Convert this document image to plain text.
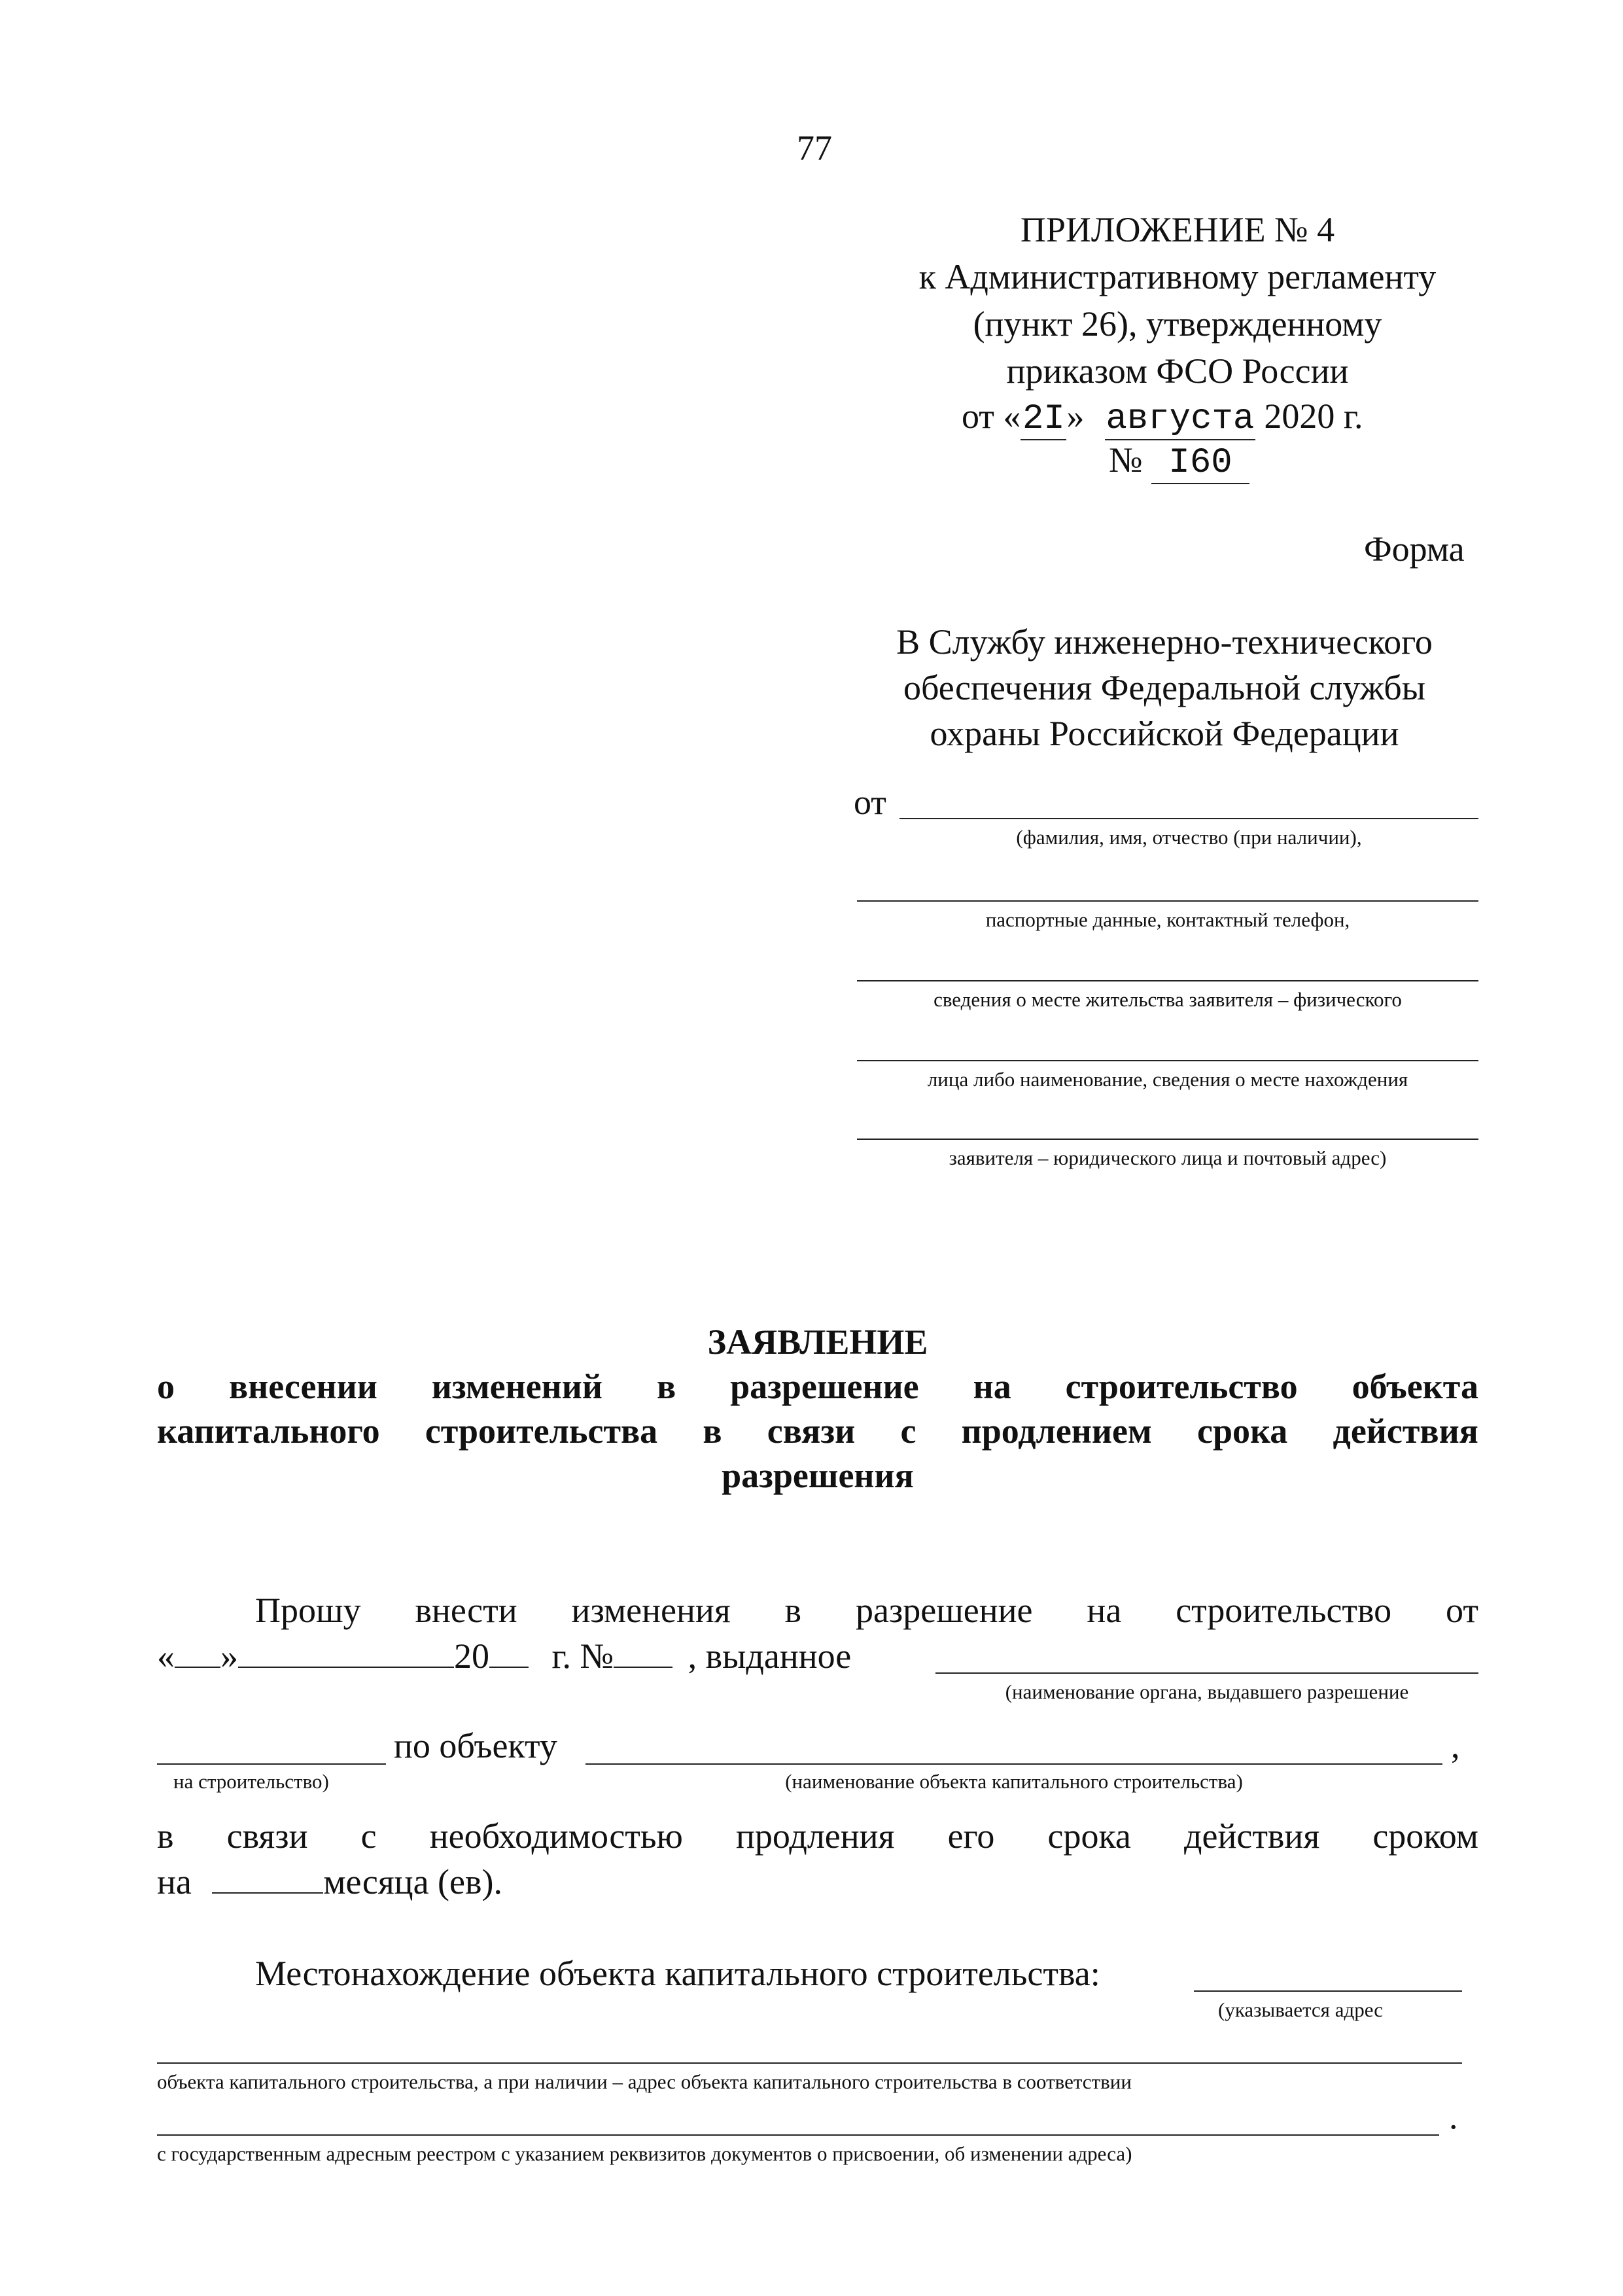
77
ПРИЛОЖЕНИЕ № 4
к Административному регламенту
(пункт 26), утвержденному
приказом ФСО России
от «2I» августа 2020 г.
№ I60
Форма
В Службу инженерно-технического
обеспечения Федеральной службы
охраны Российской Федерации
от
(фамилия, имя, отчество (при наличии),
паспортные данные, контактный телефон,
сведения о месте жительства заявителя – физического
лица либо наименование, сведения о месте нахождения
заявителя – юридического лица и почтовый адрес)
ЗАЯВЛЕНИЕ
о внесении изменений в разрешение на строительство объекта
капитального строительства в связи с продлением срока действия
разрешения
Прошу внести изменения в разрешение на строительство от
« »	20 г. № , выданное
(наименование органа, выдавшего разрешение
по объекту	,
на строительство)	(наименование объекта капитального строительства)
в связи с необходимостью продления его срока действия сроком
на	месяца (ев).
Местонахождение объекта капитального строительства:
(указывается адрес
объекта капитального строительства, а при наличии – адрес объекта капитального строительства в соответствии
.
с государственным адресным реестром с указанием реквизитов документов о присвоении, об изменении адреса)
